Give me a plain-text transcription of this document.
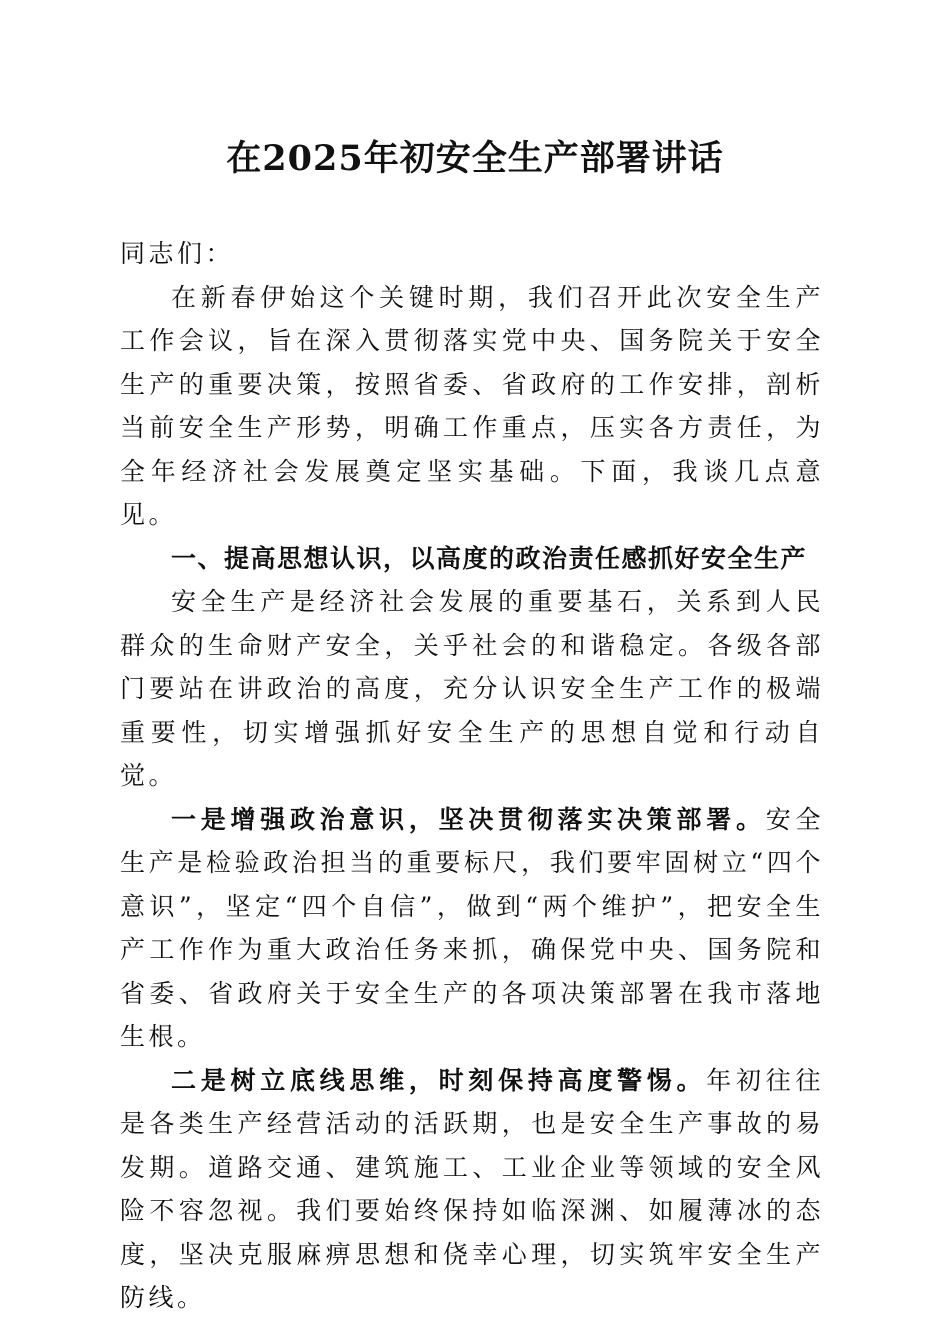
在2025年初安全生产部署讲话

同志们：

在新春伊始这个关键时期，我们召开此次安全生产工作会议，旨在深入贯彻落实党中央、国务院关于安全生产的重要决策，按照省委、省政府的工作安排，剖析当前安全生产形势，明确工作重点，压实各方责任，为全年经济社会发展奠定坚实基础。下面，我谈几点意见。

一、提高思想认识，以高度的政治责任感抓好安全生产

安全生产是经济社会发展的重要基石，关系到人民群众的生命财产安全，关乎社会的和谐稳定。各级各部门要站在讲政治的高度，充分认识安全生产工作的极端重要性，切实增强抓好安全生产的思想自觉和行动自觉。

一是增强政治意识，坚决贯彻落实决策部署。安全生产是检验政治担当的重要标尺，我们要牢固树立“四个意识”，坚定“四个自信”，做到“两个维护”，把安全生产工作作为重大政治任务来抓，确保党中央、国务院和省委、省政府关于安全生产的各项决策部署在我市落地生根。

二是树立底线思维，时刻保持高度警惕。年初往往是各类生产经营活动的活跃期，也是安全生产事故的易发期。道路交通、建筑施工、工业企业等领域的安全风险不容忽视。我们要始终保持如临深渊、如履薄冰的态度，坚决克服麻痹思想和侥幸心理，切实筑牢安全生产防线。
